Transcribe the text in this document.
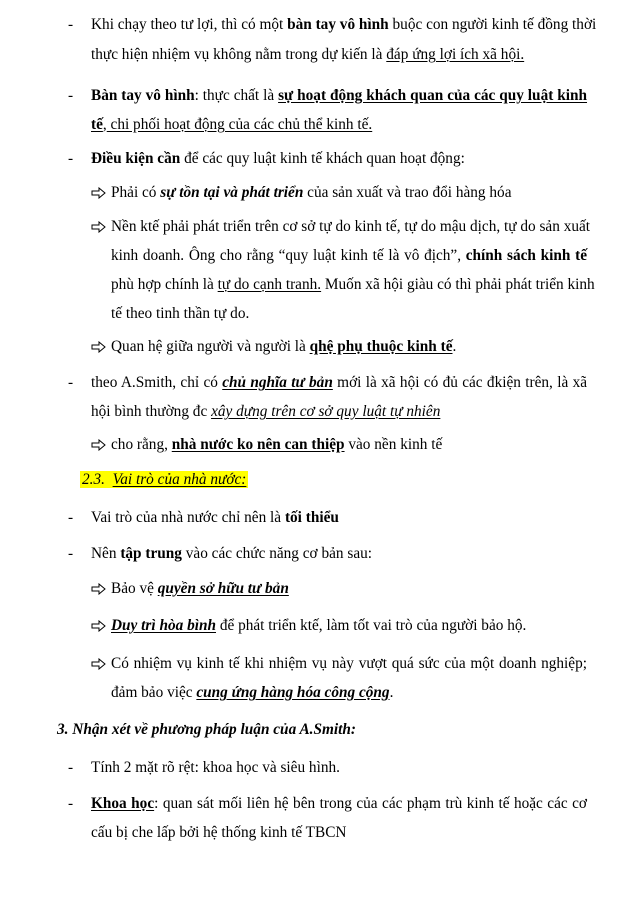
- Khi chạy theo tư lợi, thì có một bàn tay vô hình buộc con người kinh tế đồng thời
thực hiện nhiệm vụ không nằm trong dự kiến là đáp ứng lợi ích xã hội.
- Bàn tay vô hình: thực chất là sự hoạt động khách quan của các quy luật kinh
tế, chi phối hoạt động của các chủ thể kinh tế.
- Điều kiện cần để các quy luật kinh tế khách quan hoạt động:
Phải có sự tồn tại và phát triển của sản xuất và trao đổi hàng hóa
Nền ktế phải phát triển trên cơ sở tự do kinh tế, tự do mậu dịch, tự do sản xuất
kinh doanh. Ông cho rằng “quy luật kinh tế là vô địch”, chính sách kinh tế
phù hợp chính là tự do cạnh tranh. Muốn xã hội giàu có thì phải phát triển kinh
tế theo tinh thần tự do.
Quan hệ giữa người và người là qhệ phụ thuộc kinh tế.
- theo A.Smith, chỉ có chủ nghĩa tư bản mới là xã hội có đủ các đkiện trên, là xã
hội bình thường đc xây dựng trên cơ sở quy luật tự nhiên
cho rằng, nhà nước ko nên can thiệp vào nền kinh tế
2.3. Vai trò của nhà nước:
- Vai trò của nhà nước chỉ nên là tối thiểu
- Nên tập trung vào các chức năng cơ bản sau:
Bảo vệ quyền sở hữu tư bản
Duy trì hòa bình để phát triển ktế, làm tốt vai trò của người bảo hộ.
Có nhiệm vụ kinh tế khi nhiệm vụ này vượt quá sức của một doanh nghiệp;
đảm bảo việc cung ứng hàng hóa công cộng.
3. Nhận xét về phương pháp luận của A.Smith:
- Tính 2 mặt rõ rệt: khoa học và siêu hình.
- Khoa học: quan sát mối liên hệ bên trong của các phạm trù kinh tế hoặc các cơ
cấu bị che lấp bởi hệ thống kinh tế TBCN
